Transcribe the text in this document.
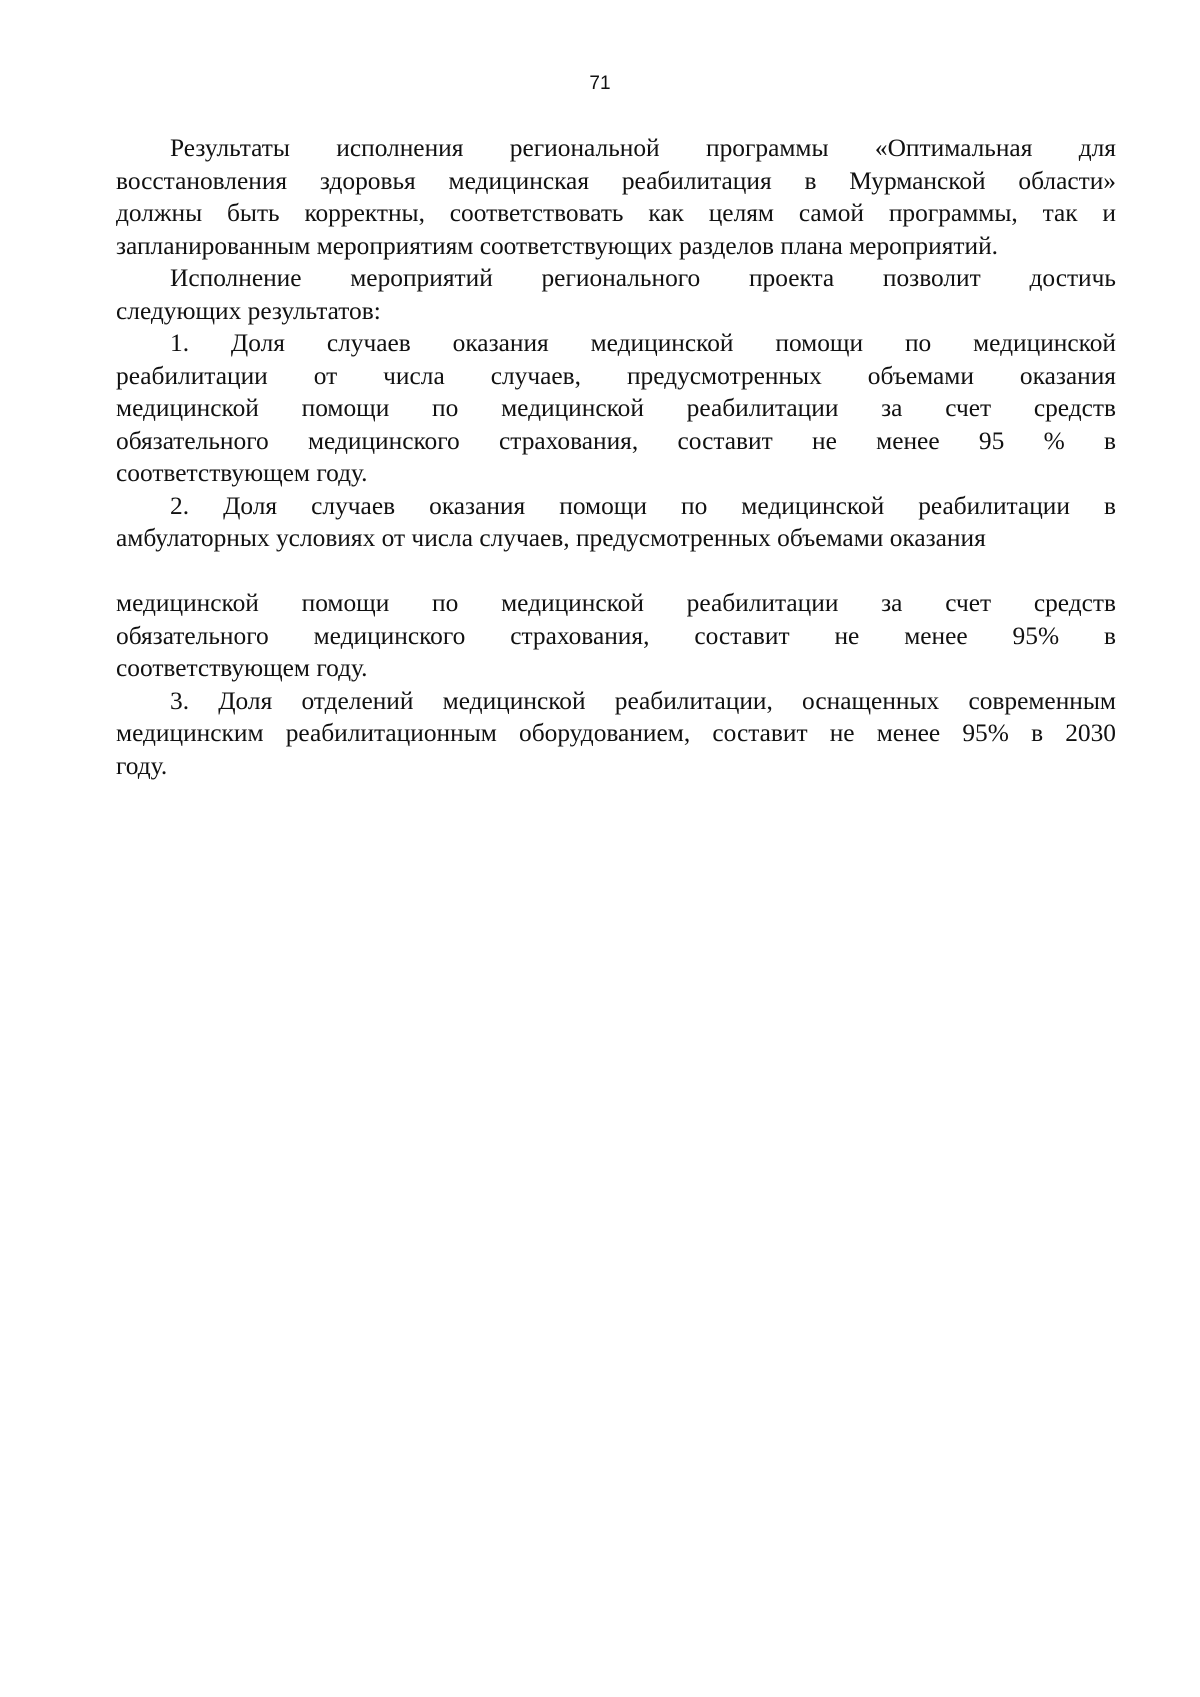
71

Результаты исполнения региональной программы «Оптимальная для
восстановления здоровья медицинская реабилитация в Мурманской области»
должны быть корректны, соответствовать как целям самой программы, так и
запланированным мероприятиям соответствующих разделов плана мероприятий.

Исполнение мероприятий регионального проекта позволит достичь
следующих результатов:

1. Доля случаев оказания медицинской помощи по медицинской
реабилитации от числа случаев, предусмотренных объемами оказания
медицинской помощи по медицинской реабилитации за счет средств
обязательного медицинского страхования, составит не менее 95 % в
соответствующем году.

2. Доля случаев оказания помощи по медицинской реабилитации в
амбулаторных условиях от числа случаев, предусмотренных объемами оказания

медицинской помощи по медицинской реабилитации за счет средств
обязательного медицинского страхования, составит не менее 95% в
соответствующем году.

3. Доля отделений медицинской реабилитации, оснащенных современным
медицинским реабилитационным оборудованием, составит не менее 95% в 2030
году.
